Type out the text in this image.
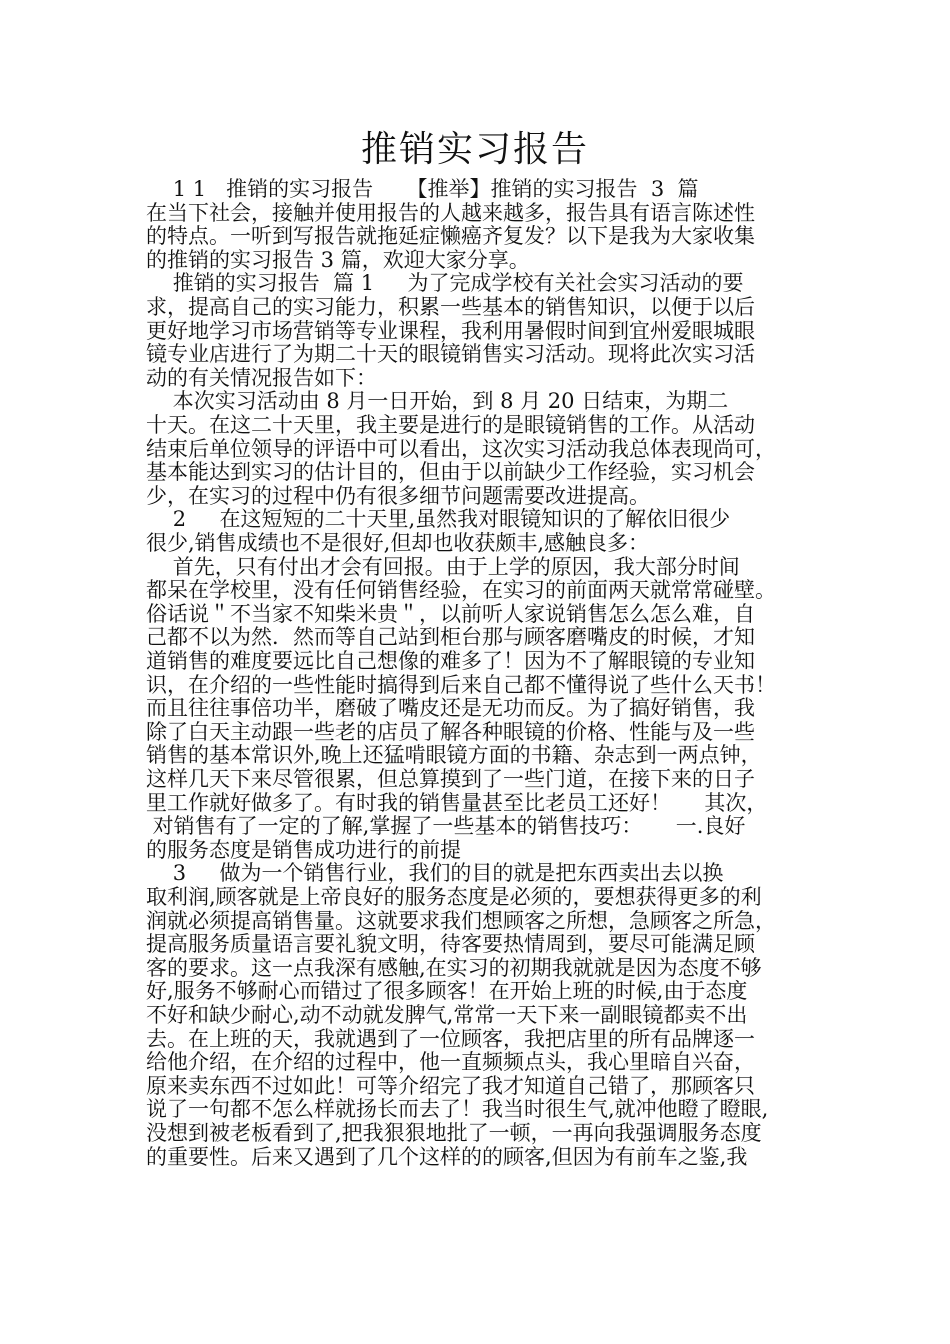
推销实习报告
1 1   推销的实习报告     【推举】推销的实习报告  3  篇
在当下社会，接触并使用报告的人越来越多，报告具有语言陈述性
的特点。一听到写报告就拖延症懒癌齐复发？以下是我为大家收集
的推销的实习报告 3 篇，欢迎大家分享。
推销的实习报告  篇 1     为了完成学校有关社会实习活动的要
求，提高自己的实习能力，积累一些基本的销售知识，以便于以后
更好地学习市场营销等专业课程，我利用暑假时间到宜州爱眼城眼
镜专业店进行了为期二十天的眼镜销售实习活动。现将此次实习活
动的有关情况报告如下：
本次实习活动由 8 月一日开始，到 8 月 20 日结束，为期二
十天。在这二十天里，我主要是进行的是眼镜销售的工作。从活动
结束后单位领导的评语中可以看出，这次实习活动我总体表现尚可，
基本能达到实习的估计目的，但由于以前缺少工作经验，实习机会
少，在实习的过程中仍有很多细节问题需要改进提高。
2     在这短短的二十天里,虽然我对眼镜知识的了解依旧很少
很少,销售成绩也不是很好,但却也收获颇丰,感触良多：
首先，只有付出才会有回报。由于上学的原因，我大部分时间
都呆在学校里，没有任何销售经验，在实习的前面两天就常常碰壁。
俗话说＂不当家不知柴米贵＂，以前听人家说销售怎么怎么难，自
己都不以为然．然而等自己站到柜台那与顾客磨嘴皮的时候，才知
道销售的难度要远比自己想像的难多了！因为不了解眼镜的专业知
识，在介绍的一些性能时搞得到后来自己都不懂得说了些什么天书！
而且往往事倍功半，磨破了嘴皮还是无功而反。为了搞好销售，我
除了白天主动跟一些老的店员了解各种眼镜的价格、性能与及一些
销售的基本常识外,晚上还猛啃眼镜方面的书籍、杂志到一两点钟，
这样几天下来尽管很累，但总算摸到了一些门道，在接下来的日子
里工作就好做多了。有时我的销售量甚至比老员工还好！     其次，
对销售有了一定的了解,掌握了一些基本的销售技巧：     一.良好
的服务态度是销售成功进行的前提
3     做为一个销售行业，我们的目的就是把东西卖出去以换
取利润,顾客就是上帝良好的服务态度是必须的，要想获得更多的利
润就必须提高销售量。这就要求我们想顾客之所想，急顾客之所急，
提高服务质量语言要礼貌文明，待客要热情周到，要尽可能满足顾
客的要求。这一点我深有感触,在实习的初期我就就是因为态度不够
好,服务不够耐心而错过了很多顾客！在开始上班的时候,由于态度
不好和缺少耐心,动不动就发脾气,常常一天下来一副眼镜都卖不出
去。在上班的天，我就遇到了一位顾客，我把店里的所有品牌逐一
给他介绍，在介绍的过程中，他一直频频点头，我心里暗自兴奋，
原来卖东西不过如此！可等介绍完了我才知道自己错了，那顾客只
说了一句都不怎么样就扬长而去了！我当时很生气,就冲他瞪了瞪眼,
没想到被老板看到了,把我狠狠地批了一顿，一再向我强调服务态度
的重要性。后来又遇到了几个这样的的顾客,但因为有前车之鉴,我
